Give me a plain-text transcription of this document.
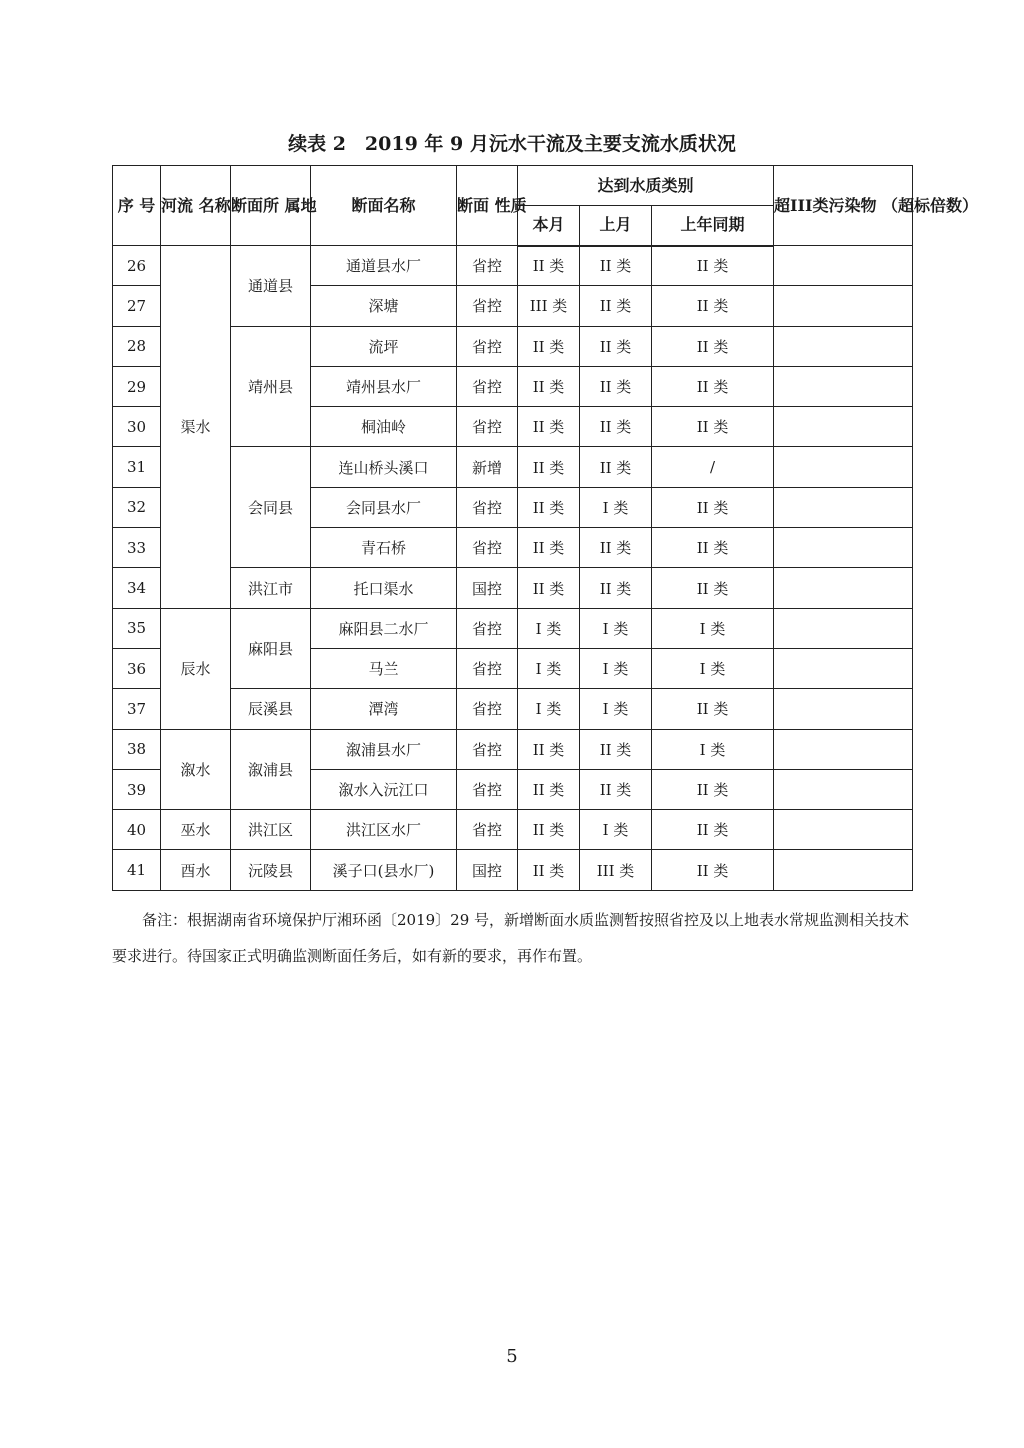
续表 2　2019 年 9 月沅水干流及主要支流水质状况
序 号	河流 名称	断面所 属地	断面名称	断面 性质	达到水质类别			超III类污染物 （超标倍数）
					本月	上月	上年同期	
26	渠水	通道县	通道县水厂	省控	II 类	II 类	II 类	
27			深塘	省控	III 类	II 类	II 类	
28		靖州县	流坪	省控	II 类	II 类	II 类	
29			靖州县水厂	省控	II 类	II 类	II 类	
30			桐油岭	省控	II 类	II 类	II 类	
31		会同县	连山桥头溪口	新增	II 类	II 类	/	
32			会同县水厂	省控	II 类	I 类	II 类	
33			青石桥	省控	II 类	II 类	II 类	
34		洪江市	托口渠水	国控	II 类	II 类	II 类	
35	辰水	麻阳县	麻阳县二水厂	省控	I 类	I 类	I 类	
36			马兰	省控	I 类	I 类	I 类	
37		辰溪县	潭湾	省控	I 类	I 类	II 类	
38	溆水	溆浦县	溆浦县水厂	省控	II 类	II 类	I 类	
39			溆水入沅江口	省控	II 类	II 类	II 类	
40	巫水	洪江区	洪江区水厂	省控	II 类	I 类	II 类	
41	酉水	沅陵县	溪子口(县水厂)	国控	II 类	III 类	II 类	
备注：根据湖南省环境保护厅湘环函〔2019〕29 号，新增断面水质监测暂按照省控及以上地表水常规监测相关技术要求进行。待国家正式明确监测断面任务后，如有新的要求，再作布置。
5
